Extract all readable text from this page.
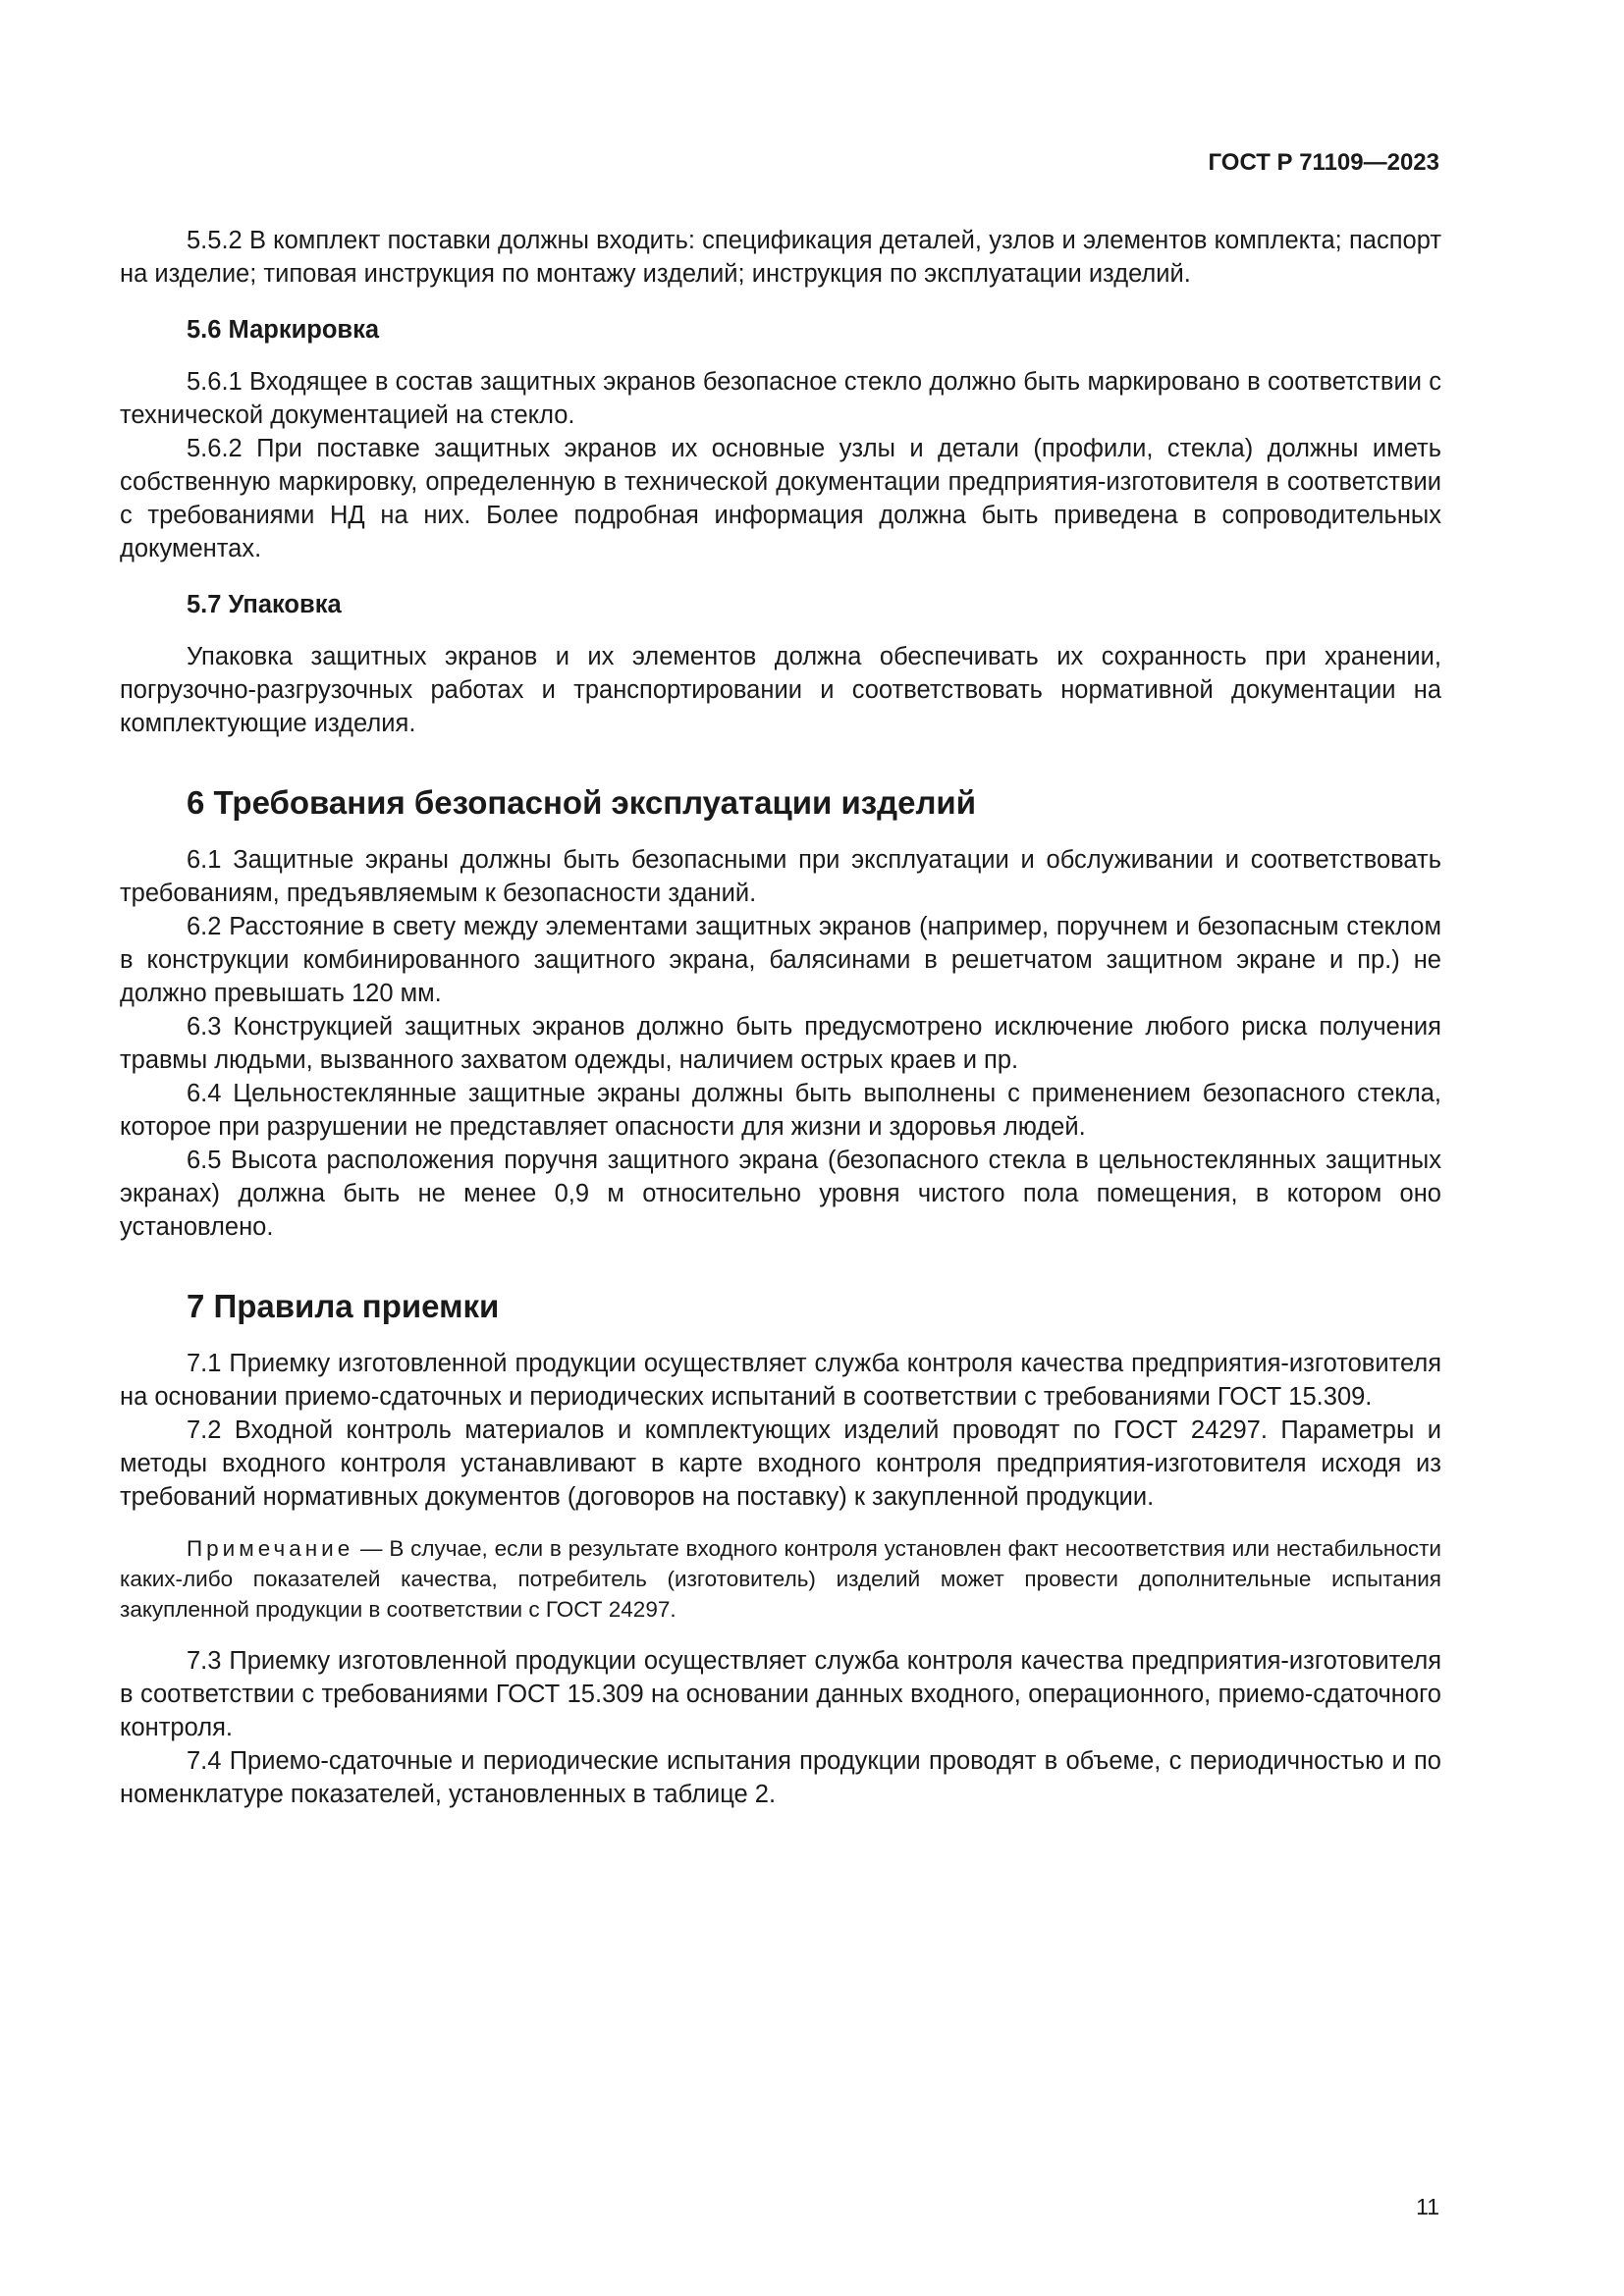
ГОСТ Р 71109—2023

5.5.2 В комплект поставки должны входить: спецификация деталей, узлов и элементов комплекта; паспорт на изделие; типовая инструкция по монтажу изделий; инструкция по эксплуатации изделий.

5.6 Маркировка

5.6.1 Входящее в состав защитных экранов безопасное стекло должно быть маркировано в соответствии с технической документацией на стекло.

5.6.2 При поставке защитных экранов их основные узлы и детали (профили, стекла) должны иметь собственную маркировку, определенную в технической документации предприятия-изготовителя в соответствии с требованиями НД на них. Более подробная информация должна быть приведена в сопроводительных документах.

5.7 Упаковка

Упаковка защитных экранов и их элементов должна обеспечивать их сохранность при хранении, погрузочно-разгрузочных работах и транспортировании и соответствовать нормативной документации на комплектующие изделия.

6 Требования безопасной эксплуатации изделий

6.1 Защитные экраны должны быть безопасными при эксплуатации и обслуживании и соответствовать требованиям, предъявляемым к безопасности зданий.

6.2 Расстояние в свету между элементами защитных экранов (например, поручнем и безопасным стеклом в конструкции комбинированного защитного экрана, балясинами в решетчатом защитном экране и пр.) не должно превышать 120 мм.

6.3 Конструкцией защитных экранов должно быть предусмотрено исключение любого риска получения травмы людьми, вызванного захватом одежды, наличием острых краев и пр.

6.4 Цельностеклянные защитные экраны должны быть выполнены с применением безопасного стекла, которое при разрушении не представляет опасности для жизни и здоровья людей.

6.5 Высота расположения поручня защитного экрана (безопасного стекла в цельностеклянных защитных экранах) должна быть не менее 0,9 м относительно уровня чистого пола помещения, в котором оно установлено.

7 Правила приемки

7.1 Приемку изготовленной продукции осуществляет служба контроля качества предприятия-изготовителя на основании приемо-сдаточных и периодических испытаний в соответствии с требованиями ГОСТ 15.309.

7.2 Входной контроль материалов и комплектующих изделий проводят по ГОСТ 24297. Параметры и методы входного контроля устанавливают в карте входного контроля предприятия-изготовителя исходя из требований нормативных документов (договоров на поставку) к закупленной продукции.

Примечание — В случае, если в результате входного контроля установлен факт несоответствия или нестабильности каких-либо показателей качества, потребитель (изготовитель) изделий может провести дополнительные испытания закупленной продукции в соответствии с ГОСТ 24297.

7.3 Приемку изготовленной продукции осуществляет служба контроля качества предприятия-изготовителя в соответствии с требованиями ГОСТ 15.309 на основании данных входного, операционного, приемо-сдаточного контроля.

7.4 Приемо-сдаточные и периодические испытания продукции проводят в объеме, с периодичностью и по номенклатуре показателей, установленных в таблице 2.

11
